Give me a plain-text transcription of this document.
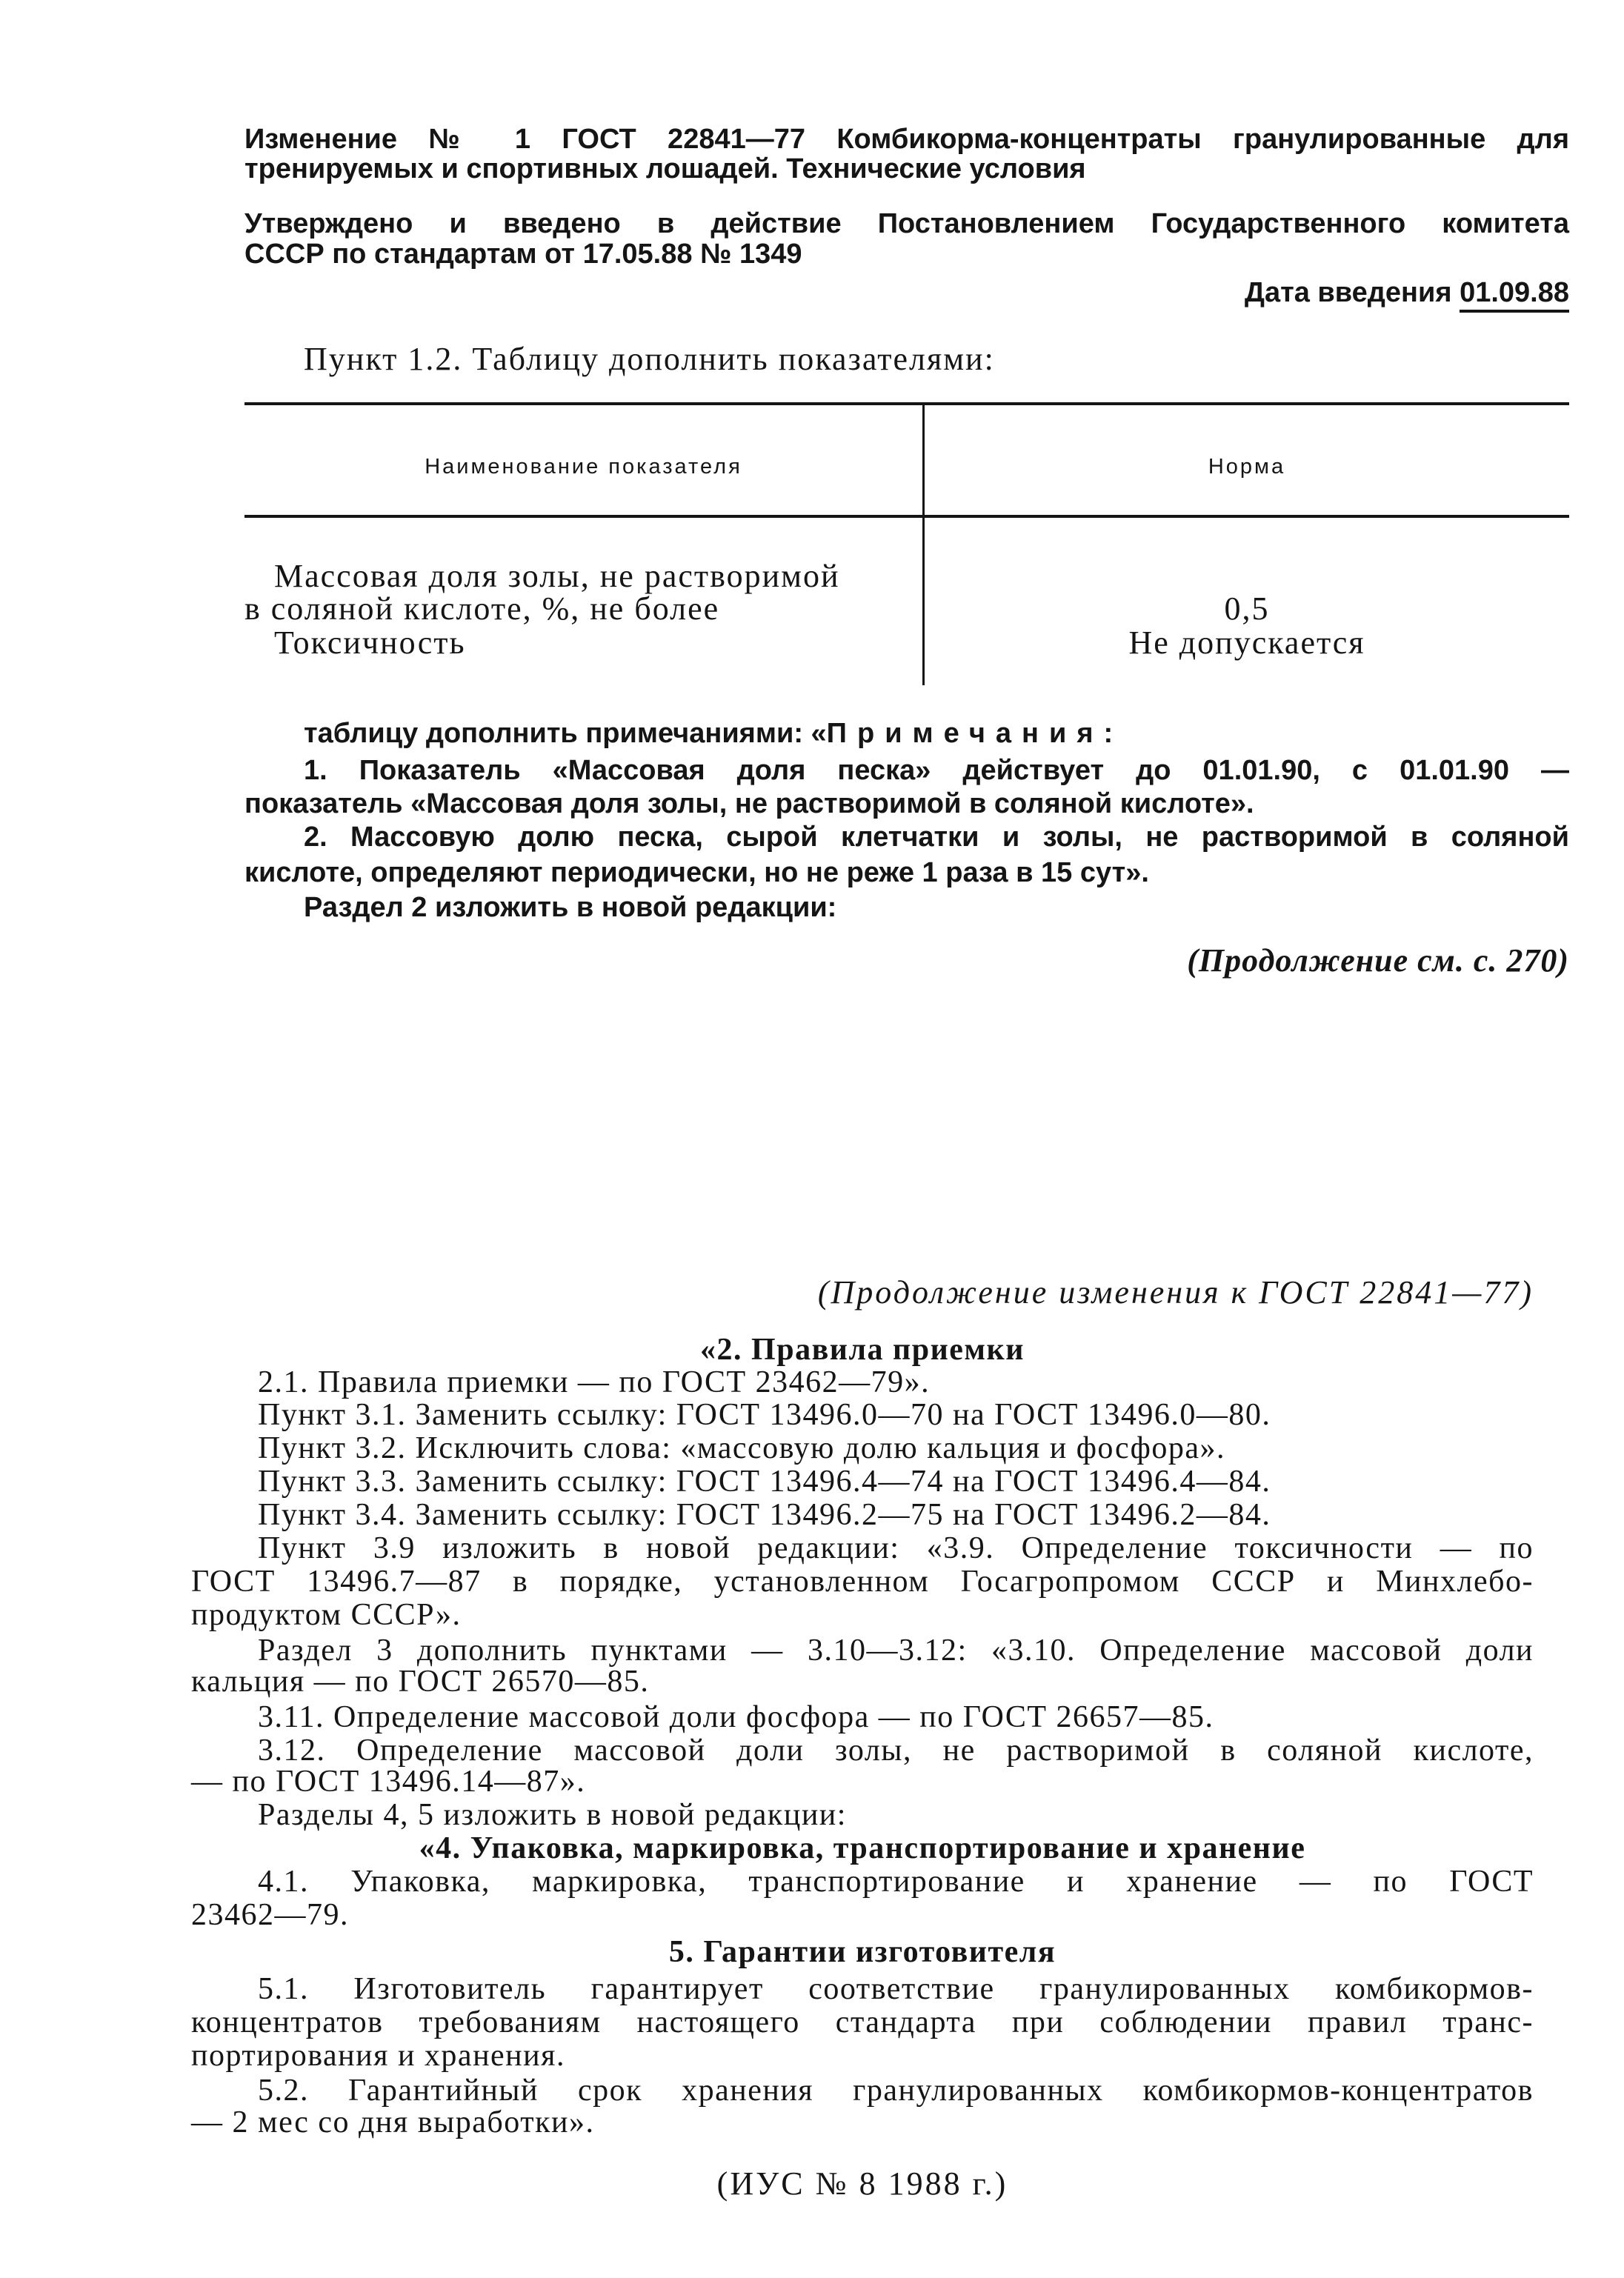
Изменение № 1 ГОСТ 22841—77 Комбикорма-концентраты гранулированные для
тренируемых и спортивных лошадей. Технические условия
Утверждено и введено в действие Постановлением Государственного комитета
СССР по стандартам от 17.05.88 № 1349
Дата введения 01.09.88
Пункт 1.2. Таблицу дополнить показателями:
Наименование показателя	Норма
Массовая доля золы, не растворимой
в соляной кислоте, %, не более
Токсичность
0,5
Не допускается
таблицу дополнить примечаниями: «Примечания:
1. Показатель «Массовая доля песка» действует до 01.01.90, с 01.01.90 —
показатель «Массовая доля золы, не растворимой в соляной кислоте».
2. Массовую долю песка, сырой клетчатки и золы, не растворимой в соляной
кислоте, определяют периодически, но не реже 1 раза в 15 сут».
Раздел 2 изложить в новой редакции:
(Продолжение см. с. 270)
(Продолжение изменения к ГОСТ 22841—77)
«2. Правила приемки
2.1. Правила приемки — по ГОСТ 23462—79».
Пункт 3.1. Заменить ссылку: ГОСТ 13496.0—70 на ГОСТ 13496.0—80.
Пункт 3.2. Исключить слова: «массовую долю кальция и фосфора».
Пункт 3.3. Заменить ссылку: ГОСТ 13496.4—74 на ГОСТ 13496.4—84.
Пункт 3.4. Заменить ссылку: ГОСТ 13496.2—75 на ГОСТ 13496.2—84.
Пункт 3.9 изложить в новой редакции: «3.9. Определение токсичности — по
ГОСТ 13496.7—87 в порядке, установленном Госагропромом СССР и Минхлебо-
продуктом СССР».
Раздел 3 дополнить пунктами — 3.10—3.12: «3.10. Определение массовой доли
кальция — по ГОСТ 26570—85.
3.11. Определение массовой доли фосфора — по ГОСТ 26657—85.
3.12. Определение массовой доли золы, не растворимой в соляной кислоте,
— по ГОСТ 13496.14—87».
Разделы 4, 5 изложить в новой редакции:
«4. Упаковка, маркировка, транспортирование и хранение
4.1. Упаковка, маркировка, транспортирование и хранение — по ГОСТ
23462—79.
5. Гарантии изготовителя
5.1. Изготовитель гарантирует соответствие гранулированных комбикормов-
концентратов требованиям настоящего стандарта при соблюдении правил транс-
портирования и хранения.
5.2. Гарантийный срок хранения гранулированных комбикормов-концентратов
— 2 мес со дня выработки».
(ИУС № 8 1988 г.)
